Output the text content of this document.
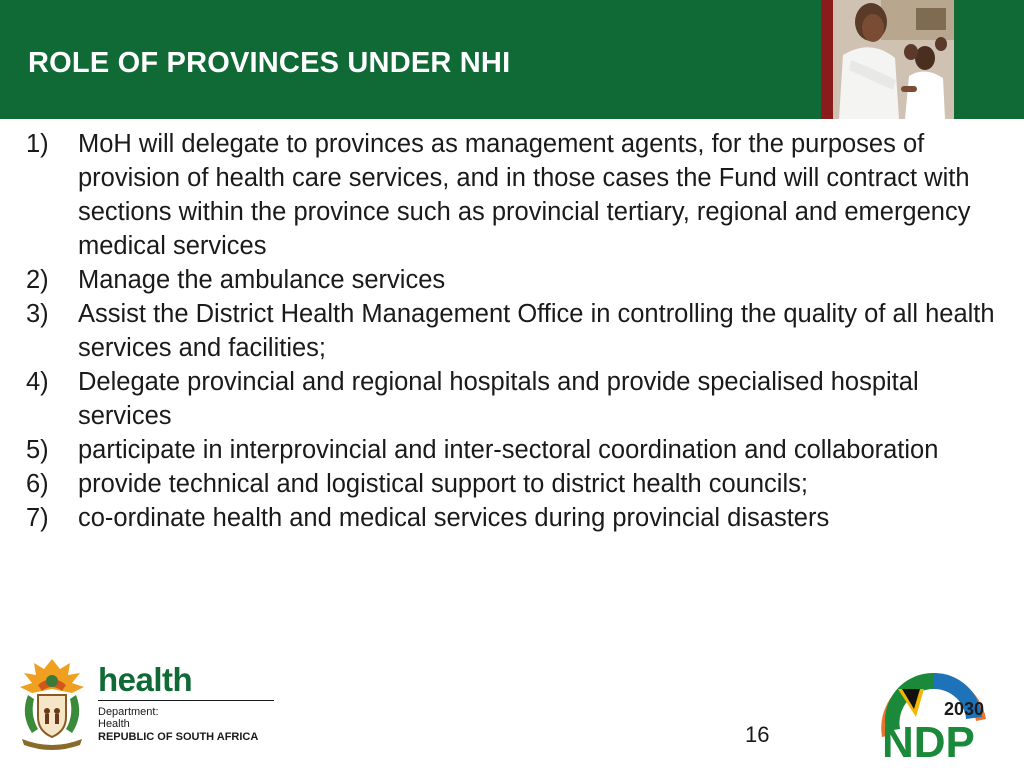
ROLE OF PROVINCES UNDER NHI
1) MoH will delegate to provinces as management agents, for the purposes of provision of health care services, and in those cases the Fund will contract with sections within the province such as provincial tertiary, regional and emergency medical services
2) Manage the ambulance services
3) Assist the District Health Management Office in controlling the quality of all health services and facilities;
4) Delegate provincial and regional hospitals and provide specialised hospital services
5) participate in interprovincial and inter-sectoral coordination and collaboration
6) provide technical and logistical support to district health councils;
7) co-ordinate health and medical services during provincial disasters
health
Department:
Health
REPUBLIC OF SOUTH AFRICA	16
2030
NDP
